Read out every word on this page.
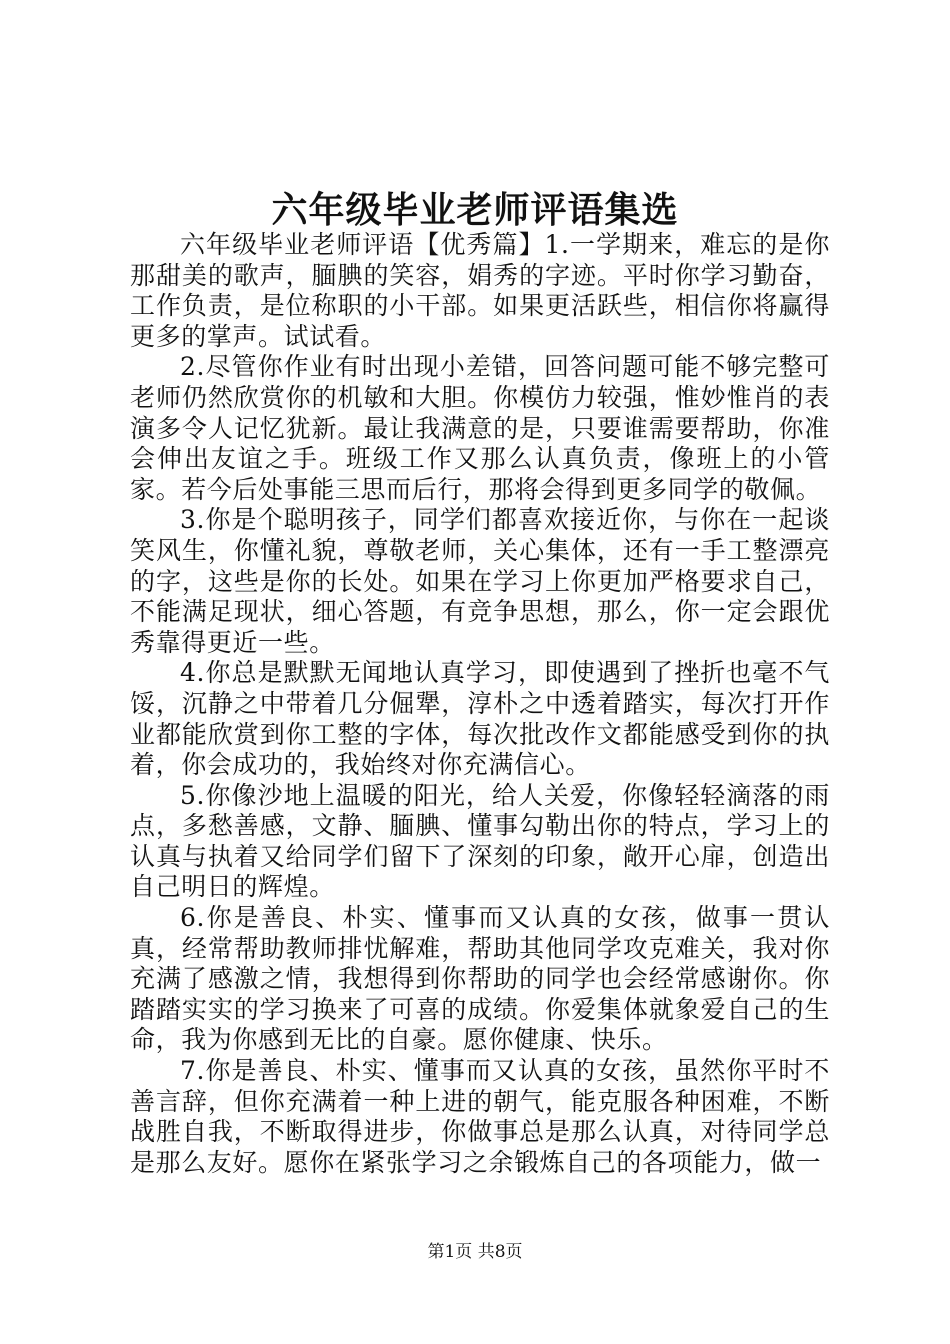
六年级毕业老师评语集选

六年级毕业老师评语【优秀篇】1.一学期来，难忘的是你那甜美的歌声，腼腆的笑容，娟秀的字迹。平时你学习勤奋，工作负责，是位称职的小干部。如果更活跃些，相信你将赢得更多的掌声。试试看。

2.尽管你作业有时出现小差错，回答问题可能不够完整可老师仍然欣赏你的机敏和大胆。你模仿力较强，惟妙惟肖的表演多令人记忆犹新。最让我满意的是，只要谁需要帮助，你准会伸出友谊之手。班级工作又那么认真负责，像班上的小管家。若今后处事能三思而后行，那将会得到更多同学的敬佩。

3.你是个聪明孩子，同学们都喜欢接近你，与你在一起谈笑风生，你懂礼貌，尊敬老师，关心集体，还有一手工整漂亮的字，这些是你的长处。如果在学习上你更加严格要求自己，不能满足现状，细心答题，有竞争思想，那么，你一定会跟优秀靠得更近一些。

4.你总是默默无闻地认真学习，即使遇到了挫折也毫不气馁，沉静之中带着几分倔犟，淳朴之中透着踏实，每次打开作业都能欣赏到你工整的字体，每次批改作文都能感受到你的执着，你会成功的，我始终对你充满信心。

5.你像沙地上温暖的阳光，给人关爱，你像轻轻滴落的雨点，多愁善感，文静、腼腆、懂事勾勒出你的特点，学习上的认真与执着又给同学们留下了深刻的印象，敞开心扉，创造出自己明日的辉煌。

6.你是善良、朴实、懂事而又认真的女孩，做事一贯认真，经常帮助教师排忧解难，帮助其他同学攻克难关，我对你充满了感激之情，我想得到你帮助的同学也会经常感谢你。你踏踏实实的学习换来了可喜的成绩。你爱集体就象爱自己的生命，我为你感到无比的自豪。愿你健康、快乐。

7.你是善良、朴实、懂事而又认真的女孩，虽然你平时不善言辞，但你充满着一种上进的朝气，能克服各种困难，不断战胜自我，不断取得进步，你做事总是那么认真，对待同学总是那么友好。愿你在紧张学习之余锻炼自己的各项能力，做一

第1页 共8页
